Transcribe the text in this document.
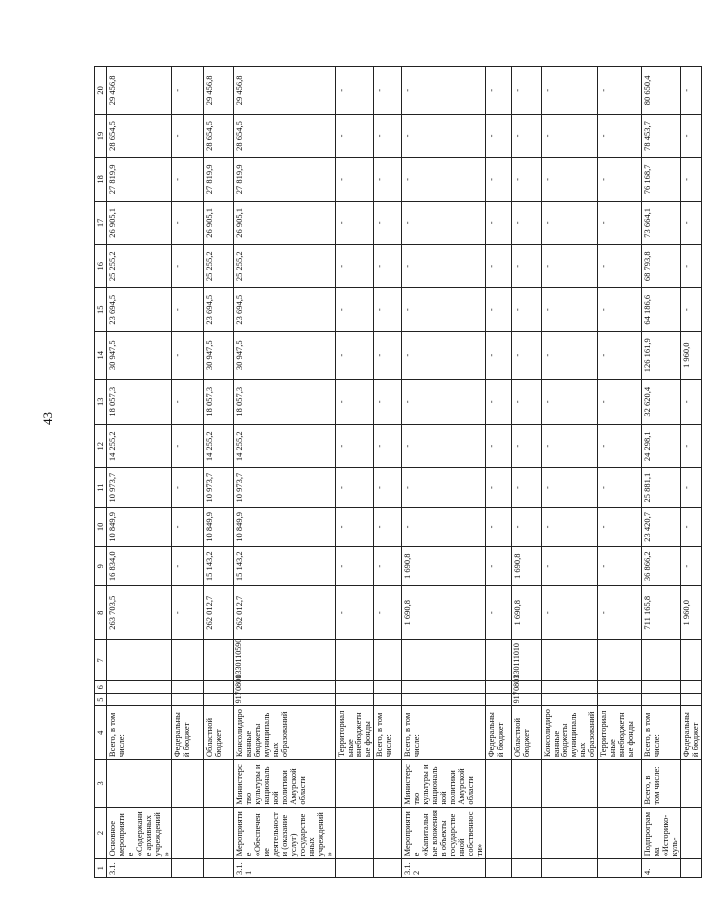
43
1	2	3	4	5	6	7	8	9	10	11	12	13	14	15	16	17	18	19	20
3.1.	Основное мероприятие «Содержание архивных учреждений»		Всего, в том числе:				263 703,5	16 834,0	10 849,9	10 973,7	14 255,2	18 057,3	30 947,5	23 694,5	25 255,2	26 905,1	27 819,9	28 654,5	29 456,8
			Федеральный бюджет				-	-	-	-	-	-	-	-	-	-	-	-	-
			Областной бюджет				262 012,7	15 143,2	10 849,9	10 973,7	14 255,2	18 057,3	30 947,5	23 694,5	25 255,2	26 905,1	27 819,9	28 654,5	29 456,8
3.1.1	Мероприятие «Обеспечение деятельности (оказание услуг) государственных учреждений»	Министерство культуры и национальной политики Амурской области	Консолидированные бюджеты муниципальных образований	917	0801	0330110590	262 012,7	15 143,2	10 849,9	10 973,7	14 255,2	18 057,3	30 947,5	23 694,5	25 255,2	26 905,1	27 819,9	28 654,5	29 456,8
			Территориальные внебюджетные фонды				-	-	-	-	-	-	-	-	-	-	-	-	-
			Всего, в том числе:				-	-	-	-	-	-	-	-	-	-	-	-	-
3.1.2	Мероприятие «Капитальные вложения в объекты государственной собственности»	Министерство культуры и национальной политики Амурской области	Всего, в том числе:				1 690,8	1 690,8	-	-	-	-	-	-	-	-	-	-	-
			Федеральный бюджет				-	-	-	-	-	-	-	-	-	-	-	-	-
			Областной бюджет	917	0801	330111010	1 690,8	1 690,8	-	-	-	-	-	-	-	-	-	-	-
			Консолидированные бюджеты муниципальных образований				-	-	-	-	-	-	-	-	-	-	-	-	-
			Территориальные внебюджетные фонды				-	-	-	-	-	-	-	-	-	-	-	-	-
4.	Подпрограмма «Историко-куль-	Всего, в том числе:	Всего, в том числе:				711 165,8	36 866,2	23 420,7	25 881,1	24 298,1	32 620,4	126 161,9	64 186,6	68 793,8	73 664,1	76 168,7	78 453,7	80 650,4
			Федеральный бюджет				1 960,0	-	-	-	-	-	1 960,0	-	-	-	-	-	-
